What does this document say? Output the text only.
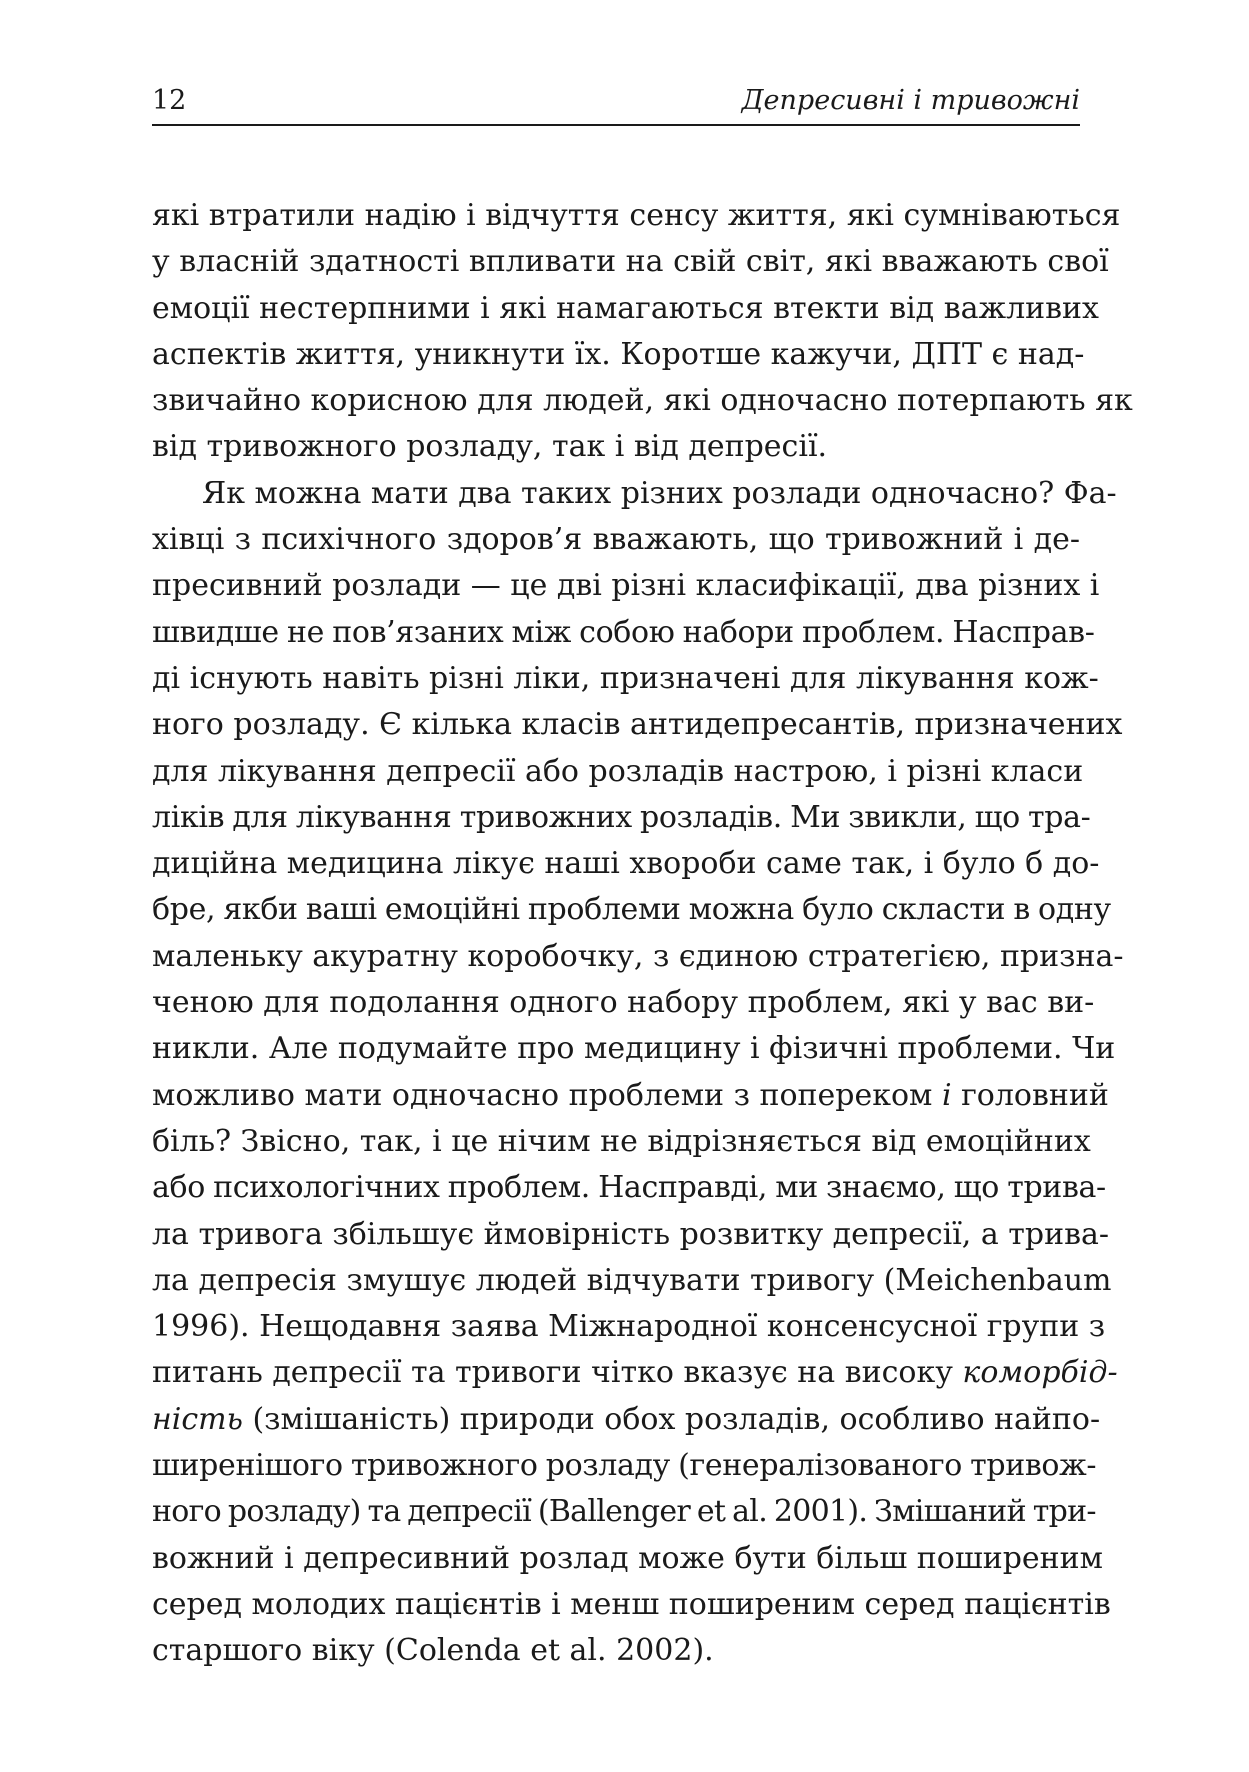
12	Депресивні і тривожні
які втратили надію і відчуття сенсу життя, які сумніваються
у власній здатності впливати на свій світ, які вважають свої
емоції нестерпними і які намагаються втекти від важливих
аспектів життя, уникнути їх. Коротше кажучи, ДПТ є над-
звичайно корисною для людей, які одночасно потерпають як
від тривожного розладу, так і від депресії.
Як можна мати два таких різних розлади одночасно? Фа-
хівці з психічного здоров’я вважають, що тривожний і де-
пресивний розлади — це дві різні класифікації, два різних і
швидше не пов’язаних між собою набори проблем. Насправ-
ді існують навіть різні ліки, призначені для лікування кож-
ного розладу. Є кілька класів антидепресантів, призначених
для лікування депресії або розладів настрою, і різні класи
ліків для лікування тривожних розладів. Ми звикли, що тра-
диційна медицина лікує наші хвороби саме так, і було б до-
бре, якби ваші емоційні проблеми можна було скласти в одну
маленьку акуратну коробочку, з єдиною стратегією, призна-
ченою для подолання одного набору проблем, які у вас ви-
никли. Але подумайте про медицину і фізичні проблеми. Чи
можливо мати одночасно проблеми з попереком і головний
біль? Звісно, так, і це нічим не відрізняється від емоційних
або психологічних проблем. Насправді, ми знаємо, що трива-
ла тривога збільшує ймовірність розвитку депресії, а трива-
ла депресія змушує людей відчувати тривогу (Meichenbaum
1996). Нещодавня заява Міжнародної консенсусної групи з
питань депресії та тривоги чітко вказує на високу коморбід-
ність (змішаність) природи обох розладів, особливо найпо-
ширенішого тривожного розладу (генералізованого тривож-
ного розладу) та депресії (Ballenger et al. 2001). Змішаний три-
вожний і депресивний розлад може бути більш поширеним
серед молодих пацієнтів і менш поширеним серед пацієнтів
старшого віку (Colenda et al. 2002).
